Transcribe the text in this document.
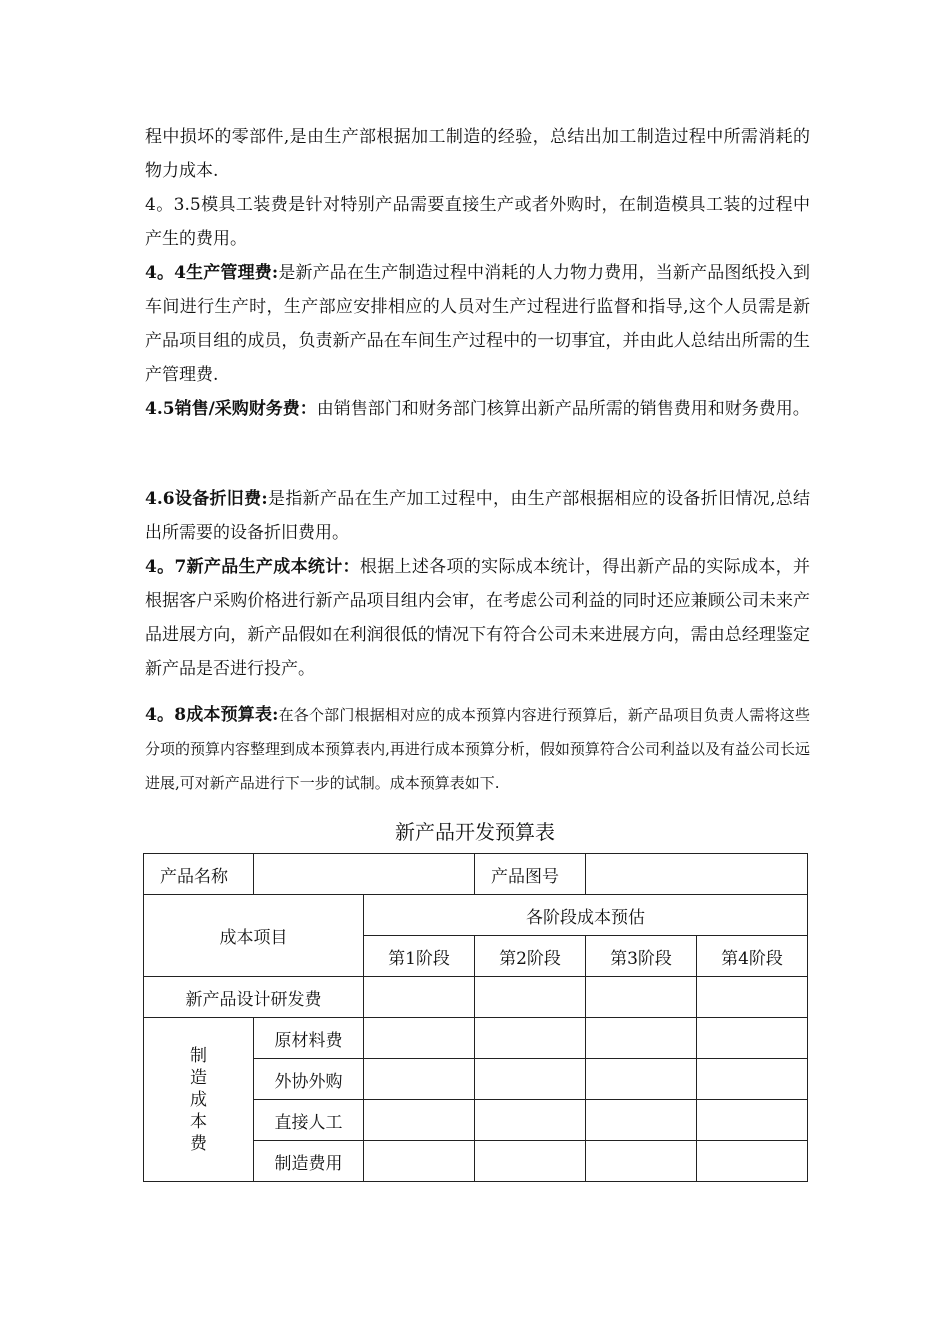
程中损坏的零部件,是由生产部根据加工制造的经验，总结出加工制造过程中所需消耗的物力成本.

4。3.5模具工装费是针对特别产品需要直接生产或者外购时，在制造模具工装的过程中产生的费用。

4。4生产管理费:是新产品在生产制造过程中消耗的人力物力费用，当新产品图纸投入到车间进行生产时，生产部应安排相应的人员对生产过程进行监督和指导,这个人员需是新产品项目组的成员，负责新产品在车间生产过程中的一切事宜，并由此人总结出所需的生产管理费.

4.5销售/采购财务费：由销售部门和财务部门核算出新产品所需的销售费用和财务费用。

4.6设备折旧费:是指新产品在生产加工过程中，由生产部根据相应的设备折旧情况,总结出所需要的设备折旧费用。

4。7新产品生产成本统计：根据上述各项的实际成本统计，得出新产品的实际成本，并根据客户采购价格进行新产品项目组内会审，在考虑公司利益的同时还应兼顾公司未来产品进展方向，新产品假如在利润很低的情况下有符合公司未来进展方向，需由总经理鉴定新产品是否进行投产。

4。8成本预算表:在各个部门根据相对应的成本预算内容进行预算后，新产品项目负责人需将这些分项的预算内容整理到成本预算表内,再进行成本预算分析，假如预算符合公司利益以及有益公司长远进展,可对新产品进行下一步的试制。成本预算表如下.

新产品开发预算表
产品名称			产品图号		
成本项目		各阶段成本预估			
		第1阶段	第2阶段	第3阶段	第4阶段
新产品设计研发费					
制造成本费	原材料费				
	外协外购				
	直接人工				
	制造费用				
